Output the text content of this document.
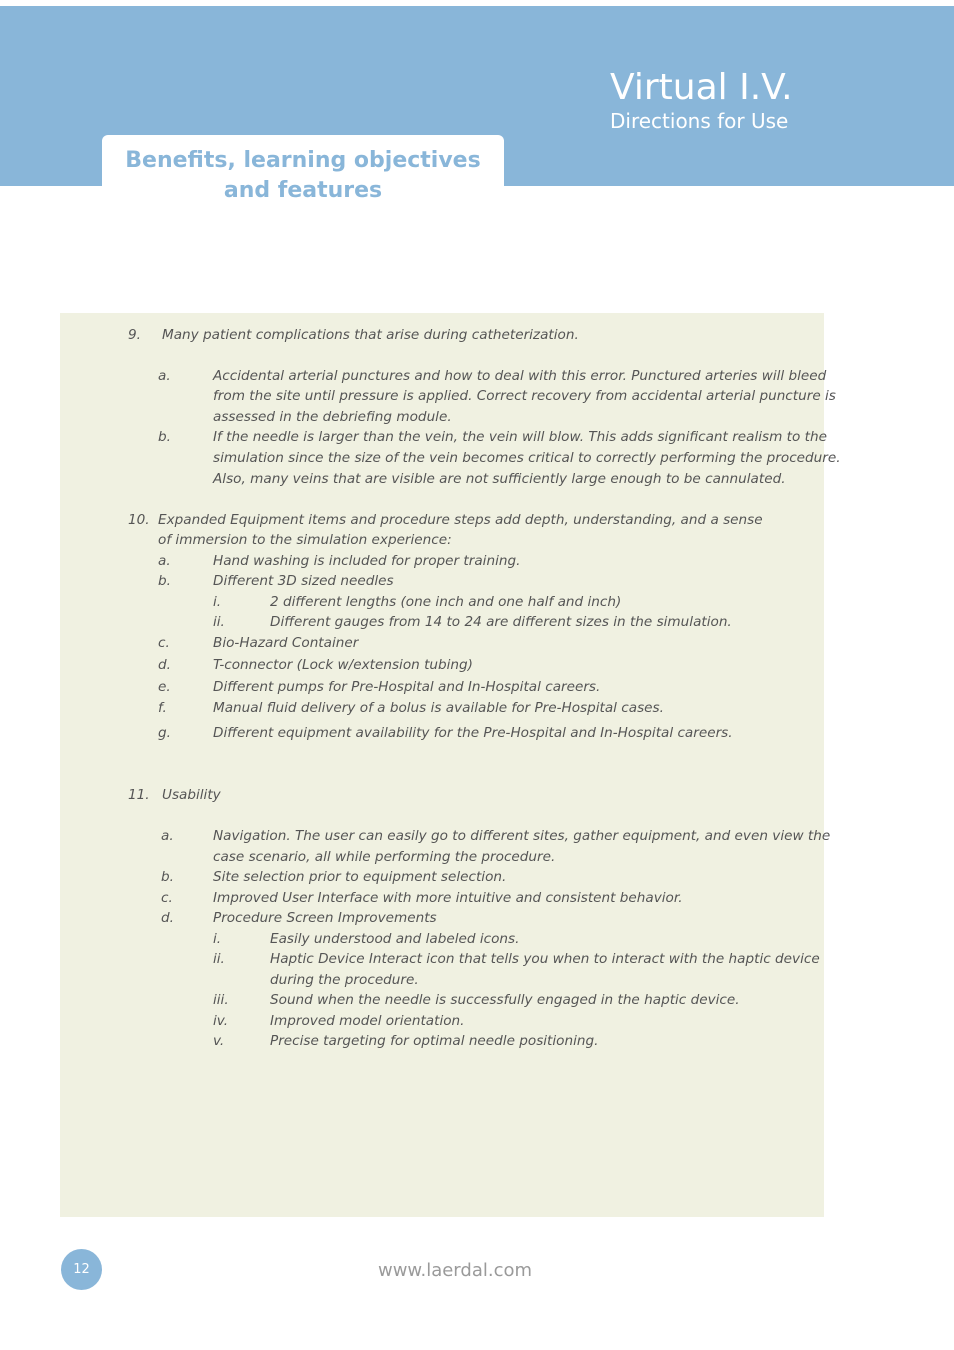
Virtual I.V.
Directions for Use
Benefits, learning objectives
and features
9. Many patient complications that arise during catheterization.
a.	Accidental arterial punctures and how to deal with this error. Punctured arteries will bleed
from the site until pressure is applied. Correct recovery from accidental arterial puncture is
assessed in the debriefing module.
b.	If the needle is larger than the vein, the vein will blow. This adds significant realism to the
simulation since the size of the vein becomes critical to correctly performing the procedure.
Also, many veins that are visible are not sufficiently large enough to be cannulated.
10. Expanded Equipment items and procedure steps add depth, understanding, and a sense
of immersion to the simulation experience:
a.	Hand washing is included for proper training.
b.	Different 3D sized needles
i.	2 different lengths (one inch and one half and inch)
ii.	Different gauges from 14 to 24 are different sizes in the simulation.
c.	Bio-Hazard Container
d.	T-connector (Lock w/extension tubing)
e.	Different pumps for Pre-Hospital and In-Hospital careers.
f.	Manual fluid delivery of a bolus is available for Pre-Hospital cases.
g.	Different equipment availability for the Pre-Hospital and In-Hospital careers.
11. Usability
a.	Navigation. The user can easily go to different sites, gather equipment, and even view the
case scenario, all while performing the procedure.
b.	Site selection prior to equipment selection.
c.	Improved User Interface with more intuitive and consistent behavior.
d.	Procedure Screen Improvements
i.	Easily understood and labeled icons.
ii.	Haptic Device Interact icon that tells you when to interact with the haptic device
during the procedure.
iii.	Sound when the needle is successfully engaged in the haptic device.
iv.	Improved model orientation.
v.	Precise targeting for optimal needle positioning.
12	www.laerdal.com
